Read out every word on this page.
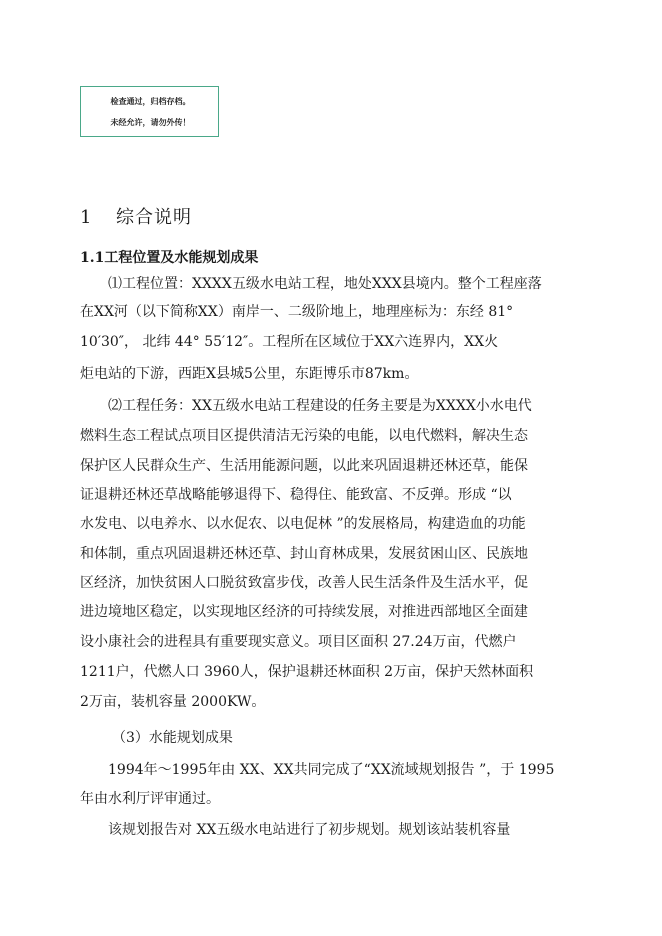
检查通过，归档存档。
未经允许，请勿外传！
1 综合说明
1.1工程位置及水能规划成果
⑴工程位置：XXXX五级水电站工程，地处XXX县境内。整个工程座落
在XX河（以下简称XX）南岸一、二级阶地上，地理座标为：东经 81°
10′30″， 北纬 44° 55′12″。工程所在区域位于XX六连界内，XX火
炬电站的下游，西距X县城5公里，东距博乐市87km。
⑵工程任务：XX五级水电站工程建设的任务主要是为XXXX小水电代
燃料生态工程试点项目区提供清洁无污染的电能，以电代燃料，解决生态
保护区人民群众生产、生活用能源问题，以此来巩固退耕还林还草，能保
证退耕还林还草战略能够退得下、稳得住、能致富、不反弹。形成 “以
水发电、以电养水、以水促农、以电促林 ”的发展格局，构建造血的功能
和体制，重点巩固退耕还林还草、封山育林成果，发展贫困山区、民族地
区经济，加快贫困人口脱贫致富步伐，改善人民生活条件及生活水平，促
进边境地区稳定，以实现地区经济的可持续发展，对推进西部地区全面建
设小康社会的进程具有重要现实意义。项目区面积 27.24万亩，代燃户
1211户，代燃人口 3960人，保护退耕还林面积 2万亩，保护天然林面积
2万亩，装机容量 2000KW。
（3）水能规划成果
1994年～1995年由 XX、XX共同完成了“XX流域规划报告 ”，于 1995
年由水利厅评审通过。
该规划报告对 XX五级水电站进行了初步规划。规划该站装机容量
